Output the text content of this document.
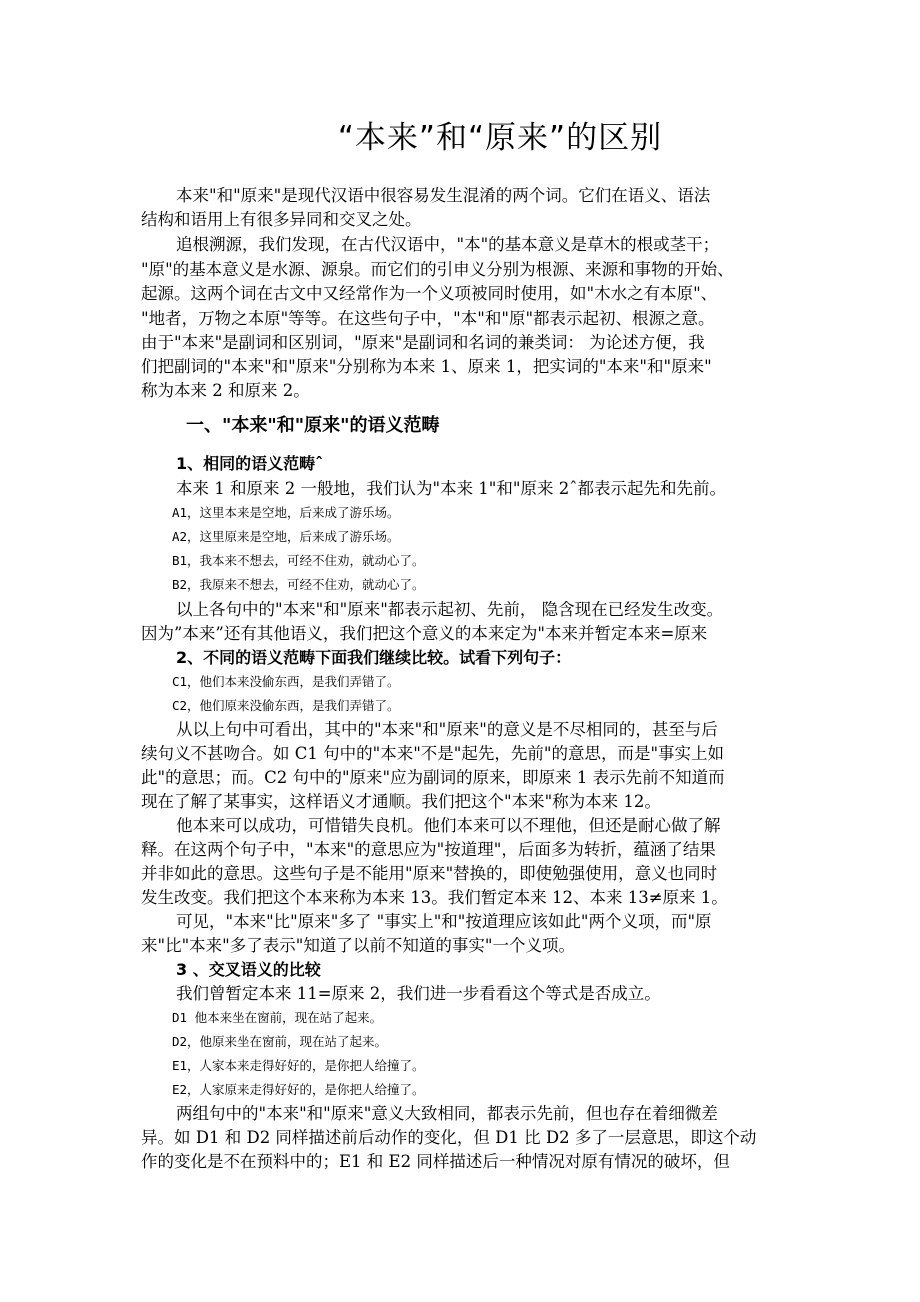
“本来”和“原来”的区别
本来"和"原来"是现代汉语中很容易发生混淆的两个词。它们在语义、语法
结构和语用上有很多异同和交叉之处。
追根溯源，我们发现，在古代汉语中，"本"的基本意义是草木的根或茎干；
"原"的基本意义是水源、源泉。而它们的引申义分别为根源、来源和事物的开始、
起源。这两个词在古文中又经常作为一个义项被同时使用，如"木水之有本原"、
"地者，万物之本原"等等。在这些句子中，"本"和"原"都表示起初、根源之意。
由于"本来"是副词和区别词，"原来"是副词和名词的兼类词： 为论述方便，我
们把副词的"本来"和"原来"分别称为本来 1、原来 1，把实词的"本来"和"原来"
称为本来 2 和原来 2。
一、"本来"和"原来"的语义范畴
1、相同的语义范畴ˆ
本来 1 和原来 2 一般地，我们认为"本来 1"和"原来 2ˆ都表示起先和先前。
A1，这里本来是空地，后来成了游乐场。
A2，这里原来是空地，后来成了游乐场。
B1，我本来不想去，可经不住劝，就动心了。
B2，我原来不想去，可经不住劝，就动心了。
以上各句中的"本来"和"原来"都表示起初、先前， 隐含现在已经发生改变。
因为”本来”还有其他语义，我们把这个意义的本来定为"本来并暂定本来=原来
2、不同的语义范畴下面我们继续比较。试看下列句子：
C1，他们本来没偷东西，是我们弄错了。
C2，他们原来没偷东西，是我们弄错了。
从以上句中可看出，其中的"本来"和"原来"的意义是不尽相同的，甚至与后
续句义不甚吻合。如 C1 句中的"本来"不是"起先，先前"的意思，而是"事实上如
此"的意思；而。C2 句中的"原来"应为副词的原来，即原来 1 表示先前不知道而
现在了解了某事实，这样语义才通顺。我们把这个"本来"称为本来 12。
他本来可以成功，可惜错失良机。他们本来可以不理他，但还是耐心做了解
释。在这两个句子中，"本来"的意思应为"按道理"，后面多为转折，蕴涵了结果
并非如此的意思。这些句子是不能用"原来"替换的，即使勉强使用，意义也同时
发生改变。我们把这个本来称为本来 13。我们暂定本来 12、本来 13≠原来 1。
可见，"本来"比"原来"多了 "事实上"和"按道理应该如此"两个义项，而"原
来"比"本来"多了表示"知道了以前不知道的事实"一个义项。
3 、交叉语义的比较
我们曾暂定本来 11=原来 2，我们进一步看看这个等式是否成立。
D1 他本来坐在窗前，现在站了起来。
D2，他原来坐在窗前，现在站了起来。
E1，人家本来走得好好的，是你把人给撞了。
E2，人家原来走得好好的，是你把人给撞了。
两组句中的"本来"和"原来"意义大致相同，都表示先前，但也存在着细微差
异。如 D1 和 D2 同样描述前后动作的变化，但 D1 比 D2 多了一层意思，即这个动
作的变化是不在预料中的；E1 和 E2 同样描述后一种情况对原有情况的破坏，但
